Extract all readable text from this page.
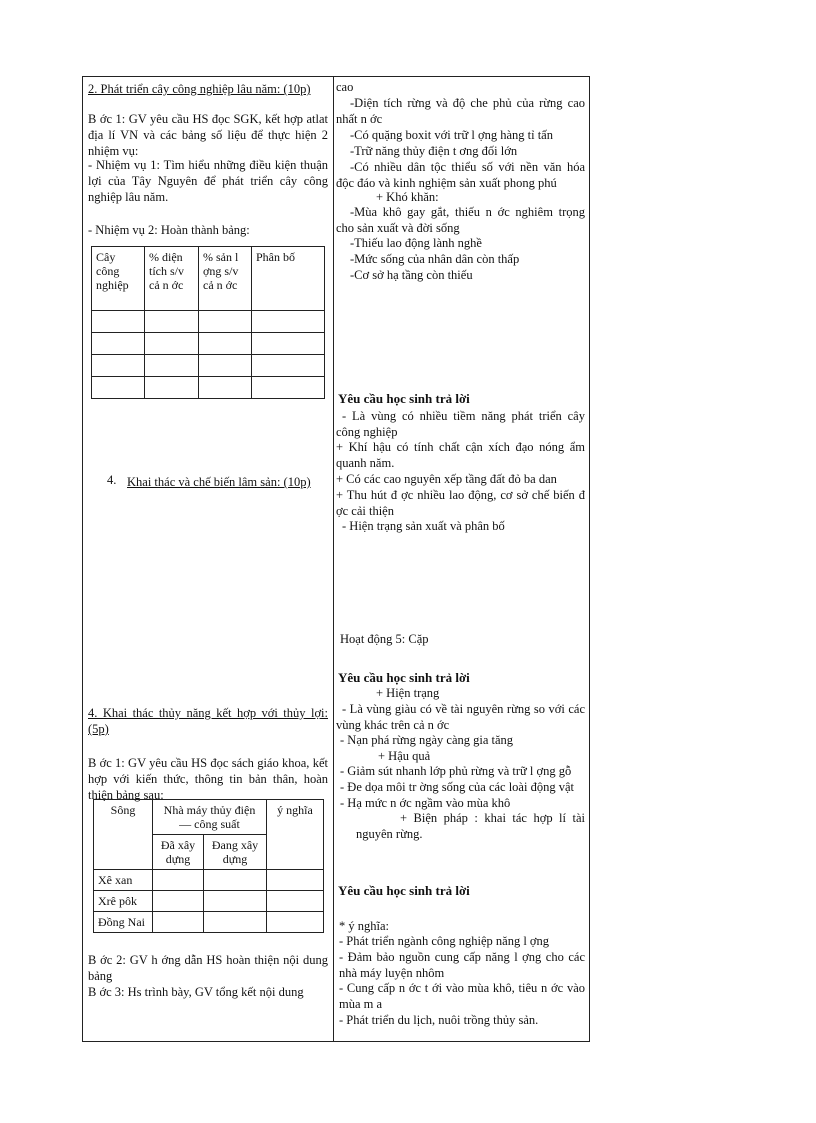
2. Phát triển cây công nghiệp lâu năm: (10p)
B ớc 1: GV yêu cầu HS đọc SGK, kết hợp atlat địa lí VN và các bảng số liệu để thực hiện 2 nhiệm vụ:
- Nhiệm vụ 1: Tìm hiểu những điều kiện thuận lợi của Tây Nguyên để phát triển cây công nghiệp lâu năm.
- Nhiệm vụ 2: Hoàn thành bảng:
Cây công nghiệp	% diện tích s/v cả n ớc	% sản l ợng s/v cả n ớc	Phân bố

4. Khai thác và chế biến lâm sản: (10p)
4. Khai thác thủy năng kết hợp với thủy lợi: (5p)
B ớc 1: GV yêu cầu HS đọc sách giáo khoa, kết hợp với kiến thức, thông tin bản thân, hoàn thiện bảng sau:
Sông	Nhà máy thủy điện — công suất		ý nghĩa
	Đã xây dựng	Đang xây dựng	
Xê xan			
Xrê pôk			
Đồng Nai			
B ớc 2: GV h ớng dẫn HS hoàn thiện nội dung bảng
B ớc 3: Hs trình bày, GV tổng kết nội dung
cao
-Diện tích rừng và độ che phủ của rừng cao nhất n ớc
-Có quặng boxit với trữ l ợng hàng tỉ tấn
-Trữ năng thủy điện t ơng đối lớn
-Có nhiều dân tộc thiểu số với nền văn hóa độc đáo và kinh nghiệm sản xuất phong phú
+ Khó khăn:
-Mùa khô gay gắt, thiếu n ớc nghiêm trọng cho sản xuất và đời sống
-Thiếu lao động lành nghề
-Mức sống của nhân dân còn thấp
-Cơ sở hạ tầng còn thiếu
Yêu cầu học sinh trả lời
- Là vùng có nhiều tiềm năng phát triển cây công nghiệp
+ Khí hậu có tính chất cận xích đạo nóng ẩm quanh năm.
+ Có các cao nguyên xếp tầng đất đỏ ba dan
+ Thu hút đ ợc nhiều lao động, cơ sở chế biến đ ợc cải thiện
- Hiện trạng sản xuất và phân bố
Hoạt động 5: Cặp
Yêu cầu học sinh trả lời
+ Hiện trạng
- Là vùng giàu có về tài nguyên rừng so với các vùng khác trên cả n ớc
- Nạn phá rừng ngày càng gia tăng
+ Hậu quả
- Giảm sút nhanh lớp phủ rừng và trữ l ợng gỗ
- Đe dọa môi tr ờng sống của các loài động vật
- Hạ mức n ớc ngầm vào mùa khô
+ Biện pháp : khai tác hợp lí tài nguyên rừng.
Yêu cầu học sinh trả lời
* ý nghĩa:
- Phát triển ngành công nghiệp năng l ợng
- Đảm bảo nguồn cung cấp năng l ợng cho các nhà máy luyện nhôm
- Cung cấp n ớc t ới vào mùa khô, tiêu n ớc vào mùa m a
- Phát triển du lịch, nuôi trồng thủy sản.
